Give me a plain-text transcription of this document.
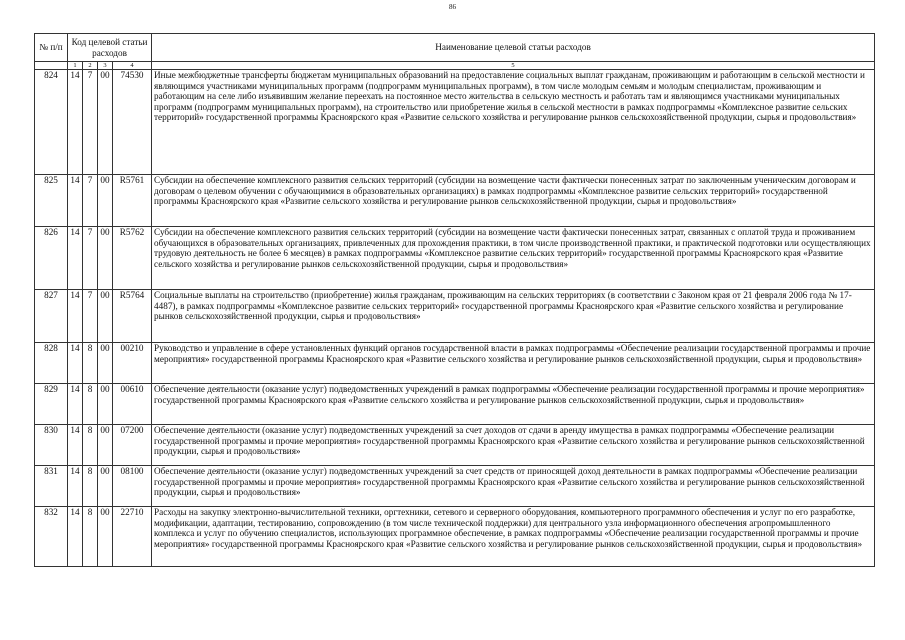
86
№ п/п	Код целевой статьи расходов				Наименование целевой статьи расходов
	1	2	3	4	5
824	14	7	00	74530	Иные межбюджетные трансферты бюджетам муниципальных образований на предоставление социальных выплат гражданам, проживающим и работающим в сельской местности и являющимся участниками муниципальных программ (подпрограмм муниципальных программ), в том числе молодым семьям и молодым специалистам, проживающим и работающим на селе либо изъявившим желание переехать на постоянное место жительства в сельскую местность и работать там и являющимся участниками муниципальных программ (подпрограмм муниципальных программ), на строительство или приобретение жилья в сельской местности в рамках подпрограммы «Комплексное развитие сельских территорий» государственной программы Красноярского края «Развитие сельского хозяйства и регулирование рынков сельскохозяйственной продукции, сырья и продовольствия»
825	14	7	00	R5761	Субсидии на обеспечение комплексного развития сельских территорий (субсидии на возмещение части фактически понесенных затрат по заключенным ученическим договорам и договорам о целевом обучении с обучающимися в образовательных организациях) в рамках подпрограммы «Комплексное развитие сельских территорий» государственной программы Красноярского края «Развитие сельского хозяйства и регулирование рынков сельскохозяйственной продукции, сырья и продовольствия»
826	14	7	00	R5762	Субсидии на обеспечение комплексного развития сельских территорий (субсидии на возмещение части фактически понесенных затрат, связанных с оплатой труда и проживанием обучающихся в образовательных организациях, привлеченных для прохождения практики, в том числе производственной практики, и практической подготовки или осуществляющих трудовую деятельность не более 6 месяцев) в рамках подпрограммы «Комплексное развитие сельских территорий» государственной программы Красноярского края «Развитие сельского хозяйства и регулирование рынков сельскохозяйственной продукции, сырья и продовольствия»
827	14	7	00	R5764	Социальные выплаты на строительство (приобретение) жилья гражданам, проживающим на сельских территориях (в соответствии с Законом края от 21 февраля 2006 года № 17-4487), в рамках подпрограммы «Комплексное развитие сельских территорий» государственной программы Красноярского края «Развитие сельского хозяйства и регулирование рынков сельскохозяйственной продукции, сырья и продовольствия»
828	14	8	00	00210	Руководство и управление в сфере установленных функций органов государственной власти в рамках подпрограммы «Обеспечение реализации государственной программы и прочие мероприятия» государственной программы Красноярского края «Развитие сельского хозяйства и регулирование рынков сельскохозяйственной продукции, сырья и продовольствия»
829	14	8	00	00610	Обеспечение деятельности (оказание услуг) подведомственных учреждений в рамках подпрограммы «Обеспечение реализации государственной программы и прочие мероприятия» государственной программы Красноярского края «Развитие сельского хозяйства и регулирование рынков сельскохозяйственной продукции, сырья и продовольствия»
830	14	8	00	07200	Обеспечение деятельности (оказание услуг) подведомственных учреждений за счет доходов от сдачи в аренду имущества в рамках подпрограммы «Обеспечение реализации государственной программы и прочие мероприятия» государственной программы Красноярского края «Развитие сельского хозяйства и регулирование рынков сельскохозяйственной продукции, сырья и продовольствия»
831	14	8	00	08100	Обеспечение деятельности (оказание услуг) подведомственных учреждений за счет средств от приносящей доход деятельности в рамках подпрограммы «Обеспечение реализации государственной программы и прочие мероприятия» государственной программы Красноярского края «Развитие сельского хозяйства и регулирование рынков сельскохозяйственной продукции, сырья и продовольствия»
832	14	8	00	22710	Расходы на закупку электронно-вычислительной техники, оргтехники, сетевого и серверного оборудования, компьютерного программного обеспечения и услуг по его разработке, модификации, адаптации, тестированию, сопровождению (в том числе технической поддержки) для центрального узла информационного обеспечения агропромышленного комплекса и услуг по обучению специалистов, использующих программное обеспечение, в рамках подпрограммы «Обеспечение реализации государственной программы и прочие мероприятия» государственной программы Красноярского края «Развитие сельского хозяйства и регулирование рынков сельскохозяйственной продукции, сырья и продовольствия»
